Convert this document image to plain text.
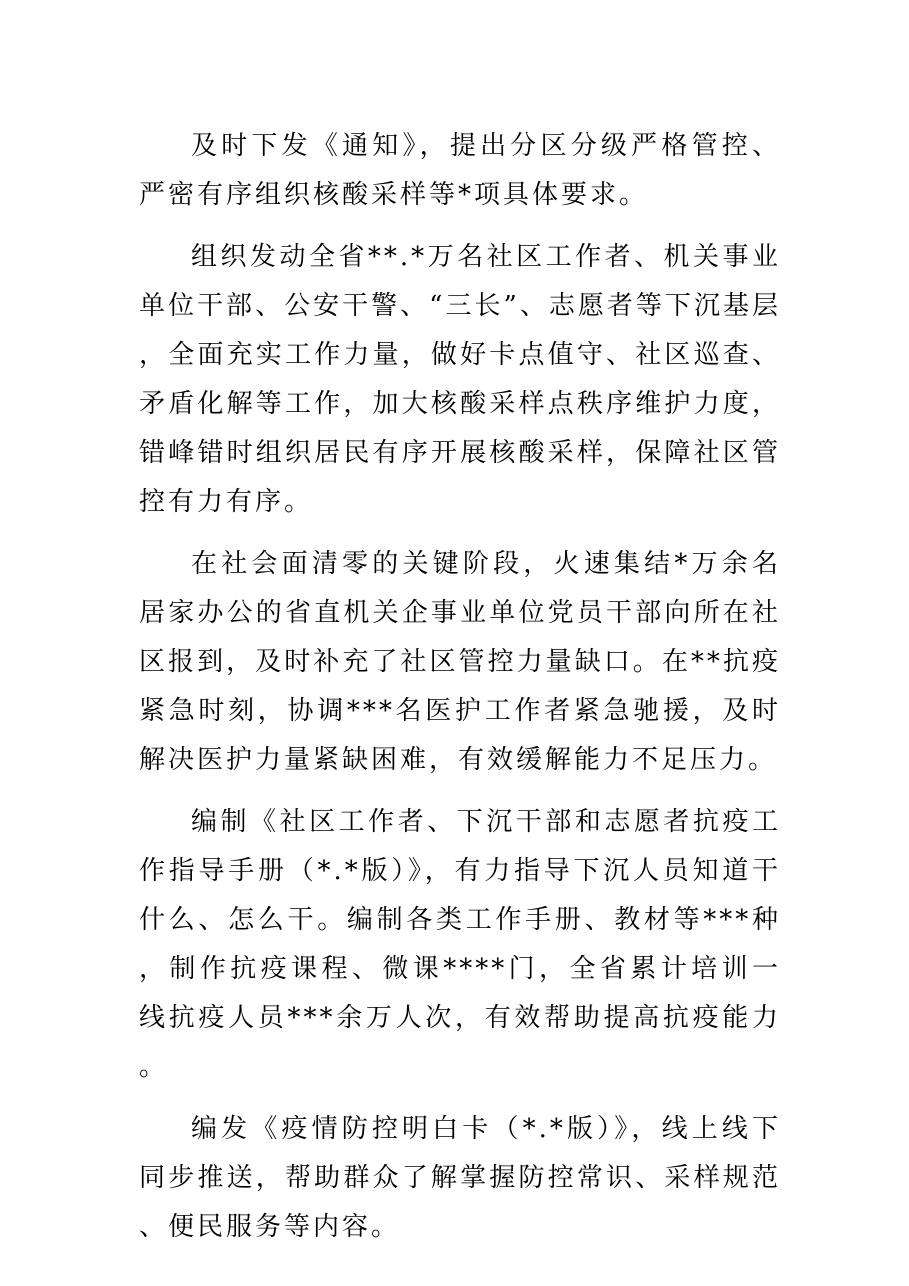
及时下发《通知》，提出分区分级严格管控、严密有序组织核酸采样等*项具体要求。

组织发动全省**.*万名社区工作者、机关事业单位干部、公安干警、“三长”、志愿者等下沉基层，全面充实工作力量，做好卡点值守、社区巡查、矛盾化解等工作，加大核酸采样点秩序维护力度，错峰错时组织居民有序开展核酸采样，保障社区管控有力有序。

在社会面清零的关键阶段，火速集结*万余名居家办公的省直机关企事业单位党员干部向所在社区报到，及时补充了社区管控力量缺口。在**抗疫紧急时刻，协调***名医护工作者紧急驰援，及时解决医护力量紧缺困难，有效缓解能力不足压力。

编制《社区工作者、下沉干部和志愿者抗疫工作指导手册（*.*版）》，有力指导下沉人员知道干什么、怎么干。编制各类工作手册、教材等***种，制作抗疫课程、微课****门，全省累计培训一线抗疫人员***余万人次，有效帮助提高抗疫能力。

编发《疫情防控明白卡（*.*版）》，线上线下同步推送，帮助群众了解掌握防控常识、采样规范、便民服务等内容。
